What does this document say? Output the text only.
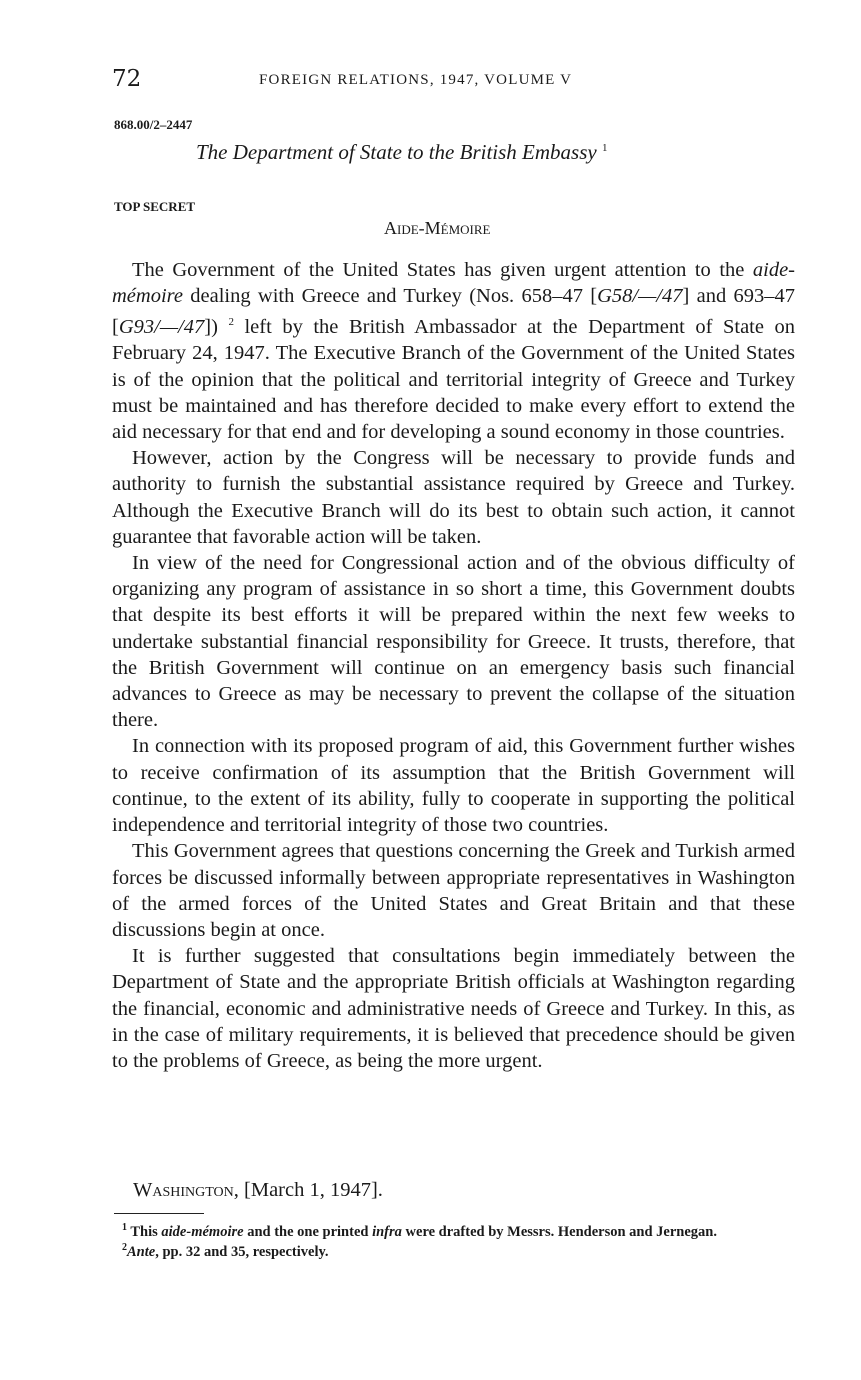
72	FOREIGN RELATIONS, 1947, VOLUME V
868.00/2–2447
The Department of State to the British Embassy $^1$
TOP SECRET
Aide-Mémoire

The Government of the United States has given urgent attention to the aide-mémoire dealing with Greece and Turkey (Nos. 658–47 [G58/—/47] and 693–47 [G93/—/47]) $^2$ left by the British Ambassador at the Department of State on February 24, 1947. The Executive Branch of the Government of the United States is of the opinion that the political and territorial integrity of Greece and Turkey must be maintained and has therefore decided to make every effort to extend the aid necessary for that end and for developing a sound economy in those countries.

However, action by the Congress will be necessary to provide funds and authority to furnish the substantial assistance required by Greece and Turkey. Although the Executive Branch will do its best to obtain such action, it cannot guarantee that favorable action will be taken.

In view of the need for Congressional action and of the obvious difficulty of organizing any program of assistance in so short a time, this Government doubts that despite its best efforts it will be prepared within the next few weeks to undertake substantial financial responsibility for Greece. It trusts, therefore, that the British Government will continue on an emergency basis such financial advances to Greece as may be necessary to prevent the collapse of the situation there.

In connection with its proposed program of aid, this Government further wishes to receive confirmation of its assumption that the British Government will continue, to the extent of its ability, fully to cooperate in supporting the political independence and territorial integrity of those two countries.

This Government agrees that questions concerning the Greek and Turkish armed forces be discussed informally between appropriate representatives in Washington of the armed forces of the United States and Great Britain and that these discussions begin at once.

It is further suggested that consultations begin immediately between the Department of State and the appropriate British officials at Washington regarding the financial, economic and administrative needs of Greece and Turkey. In this, as in the case of military requirements, it is believed that precedence should be given to the problems of Greece, as being the more urgent.

Washington, [March 1, 1947].

$^1$ This aide-mémoire and the one printed infra were drafted by Messrs. Henderson and Jernegan.

$^2$Ante, pp. 32 and 35, respectively.
